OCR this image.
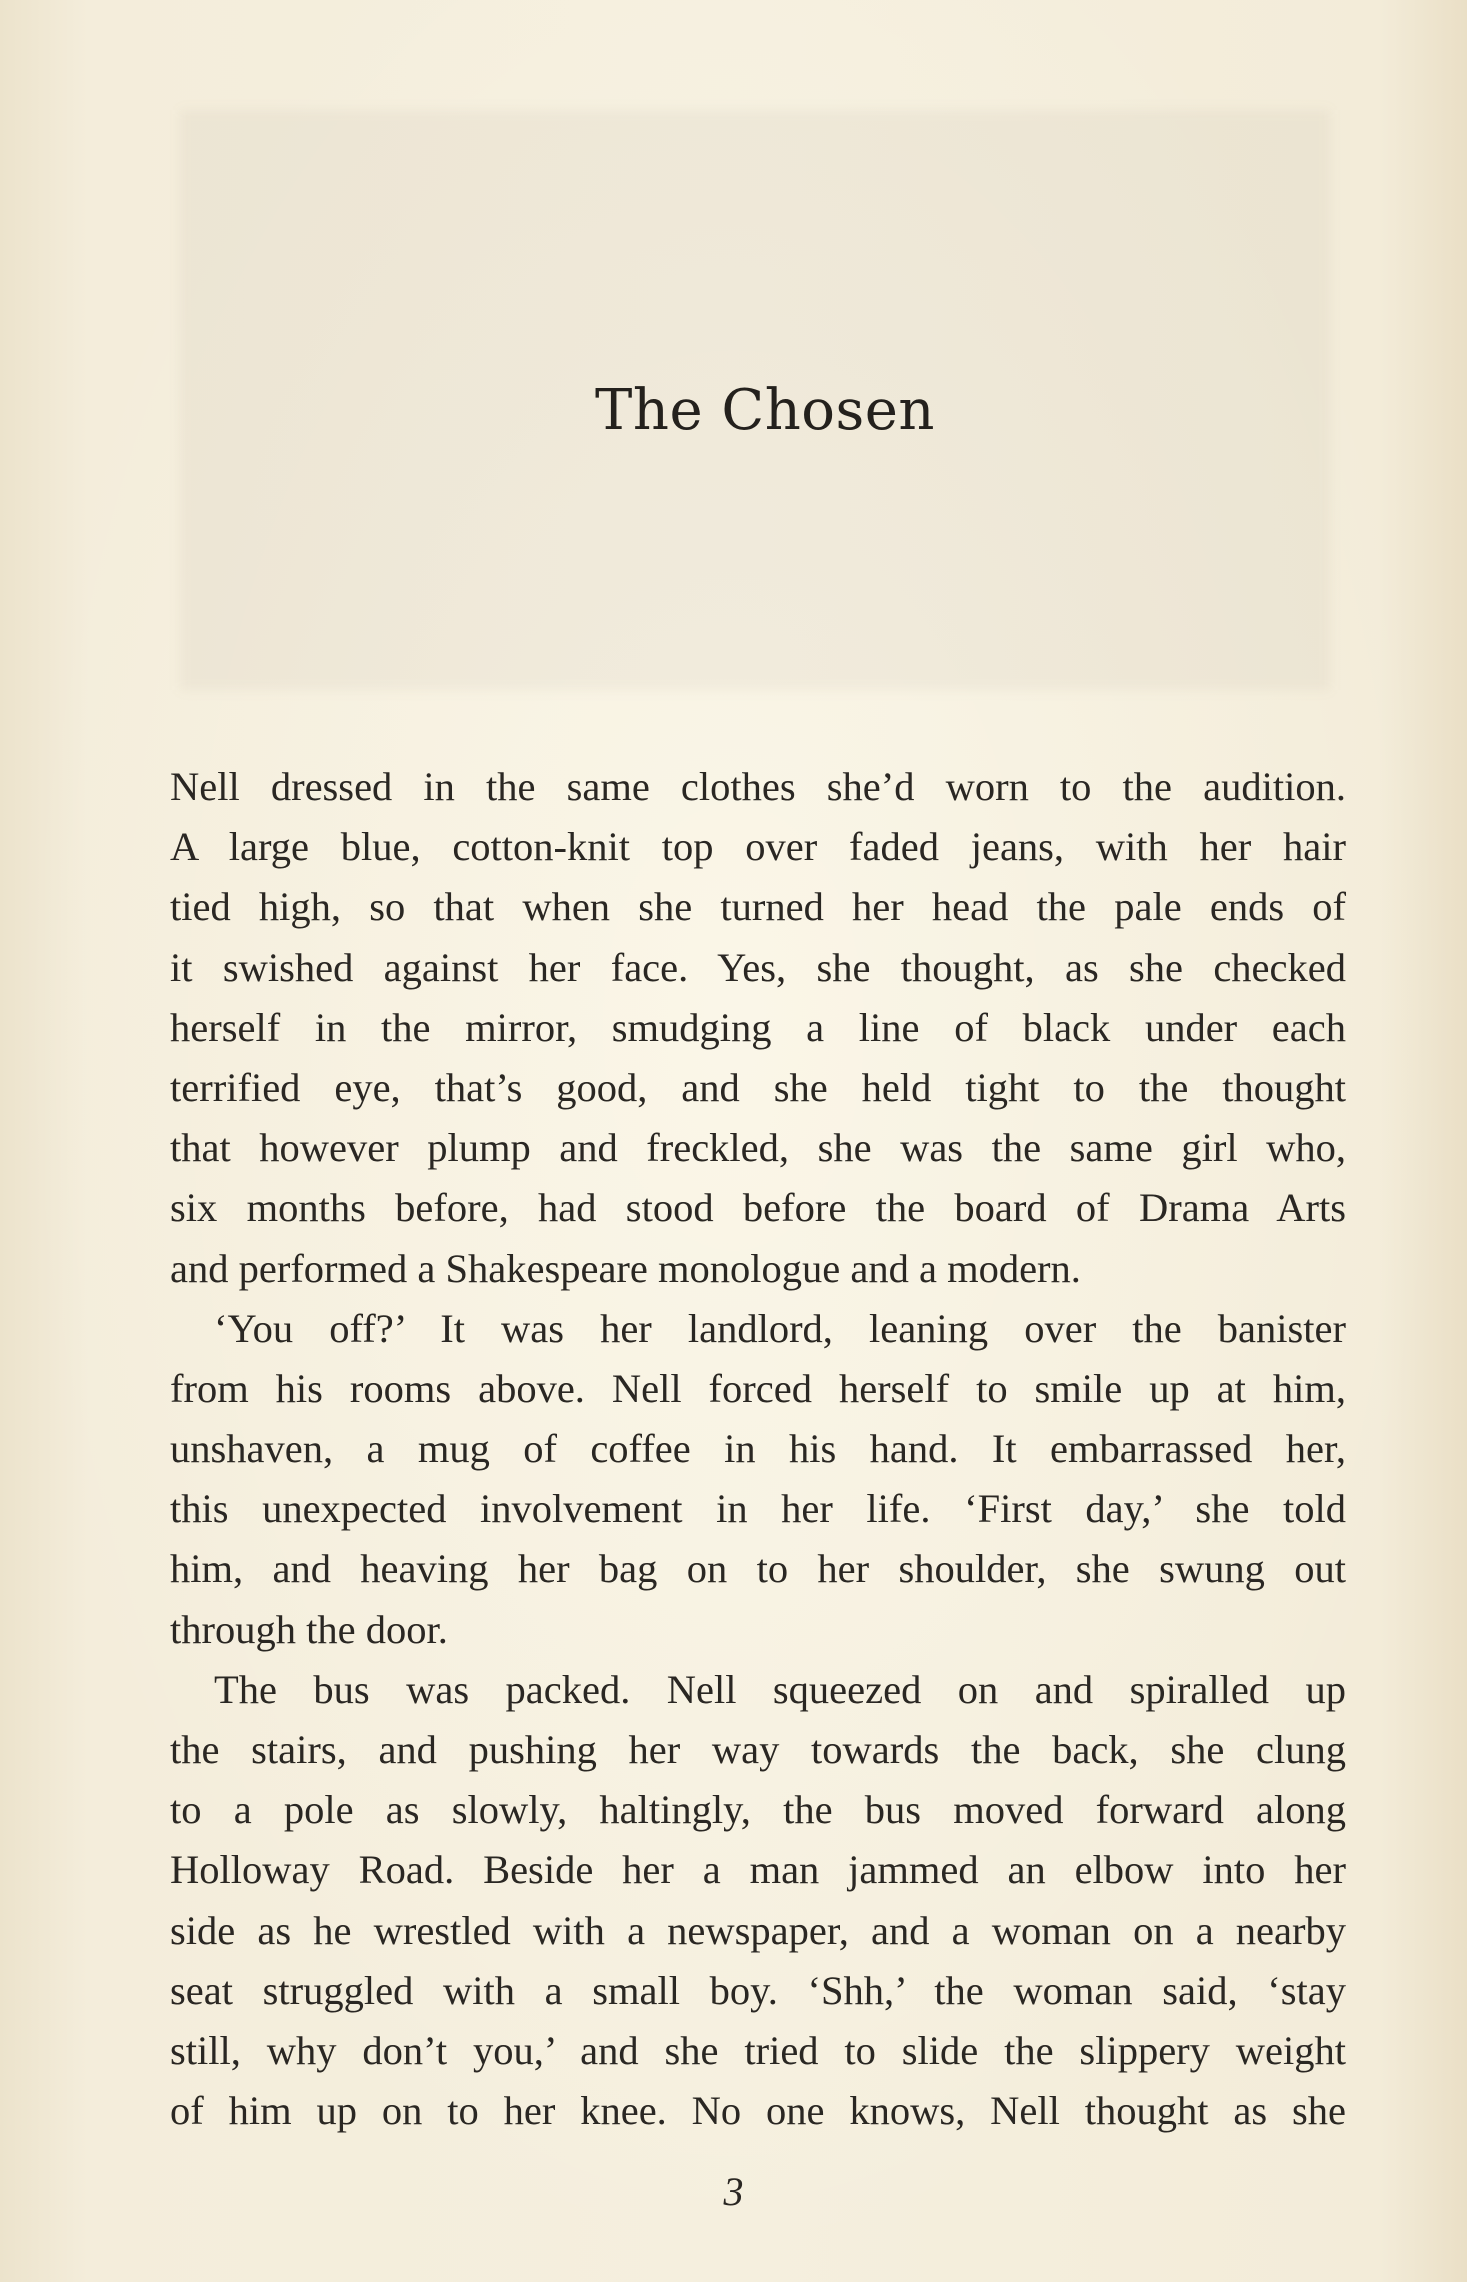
The Chosen

Nell dressed in the same clothes she’d worn to the audition.
A large blue, cotton-knit top over faded jeans, with her hair
tied high, so that when she turned her head the pale ends of
it swished against her face. Yes, she thought, as she checked
herself in the mirror, smudging a line of black under each
terrified eye, that’s good, and she held tight to the thought
that however plump and freckled, she was the same girl who,
six months before, had stood before the board of Drama Arts
and performed a Shakespeare monologue and a modern.

‘You off?’ It was her landlord, leaning over the banister
from his rooms above. Nell forced herself to smile up at him,
unshaven, a mug of coffee in his hand. It embarrassed her,
this unexpected involvement in her life. ‘First day,’ she told
him, and heaving her bag on to her shoulder, she swung out
through the door.

The bus was packed. Nell squeezed on and spiralled up
the stairs, and pushing her way towards the back, she clung
to a pole as slowly, haltingly, the bus moved forward along
Holloway Road. Beside her a man jammed an elbow into her
side as he wrestled with a newspaper, and a woman on a nearby
seat struggled with a small boy. ‘Shh,’ the woman said, ‘stay
still, why don’t you,’ and she tried to slide the slippery weight
of him up on to her knee. No one knows, Nell thought as she

3
